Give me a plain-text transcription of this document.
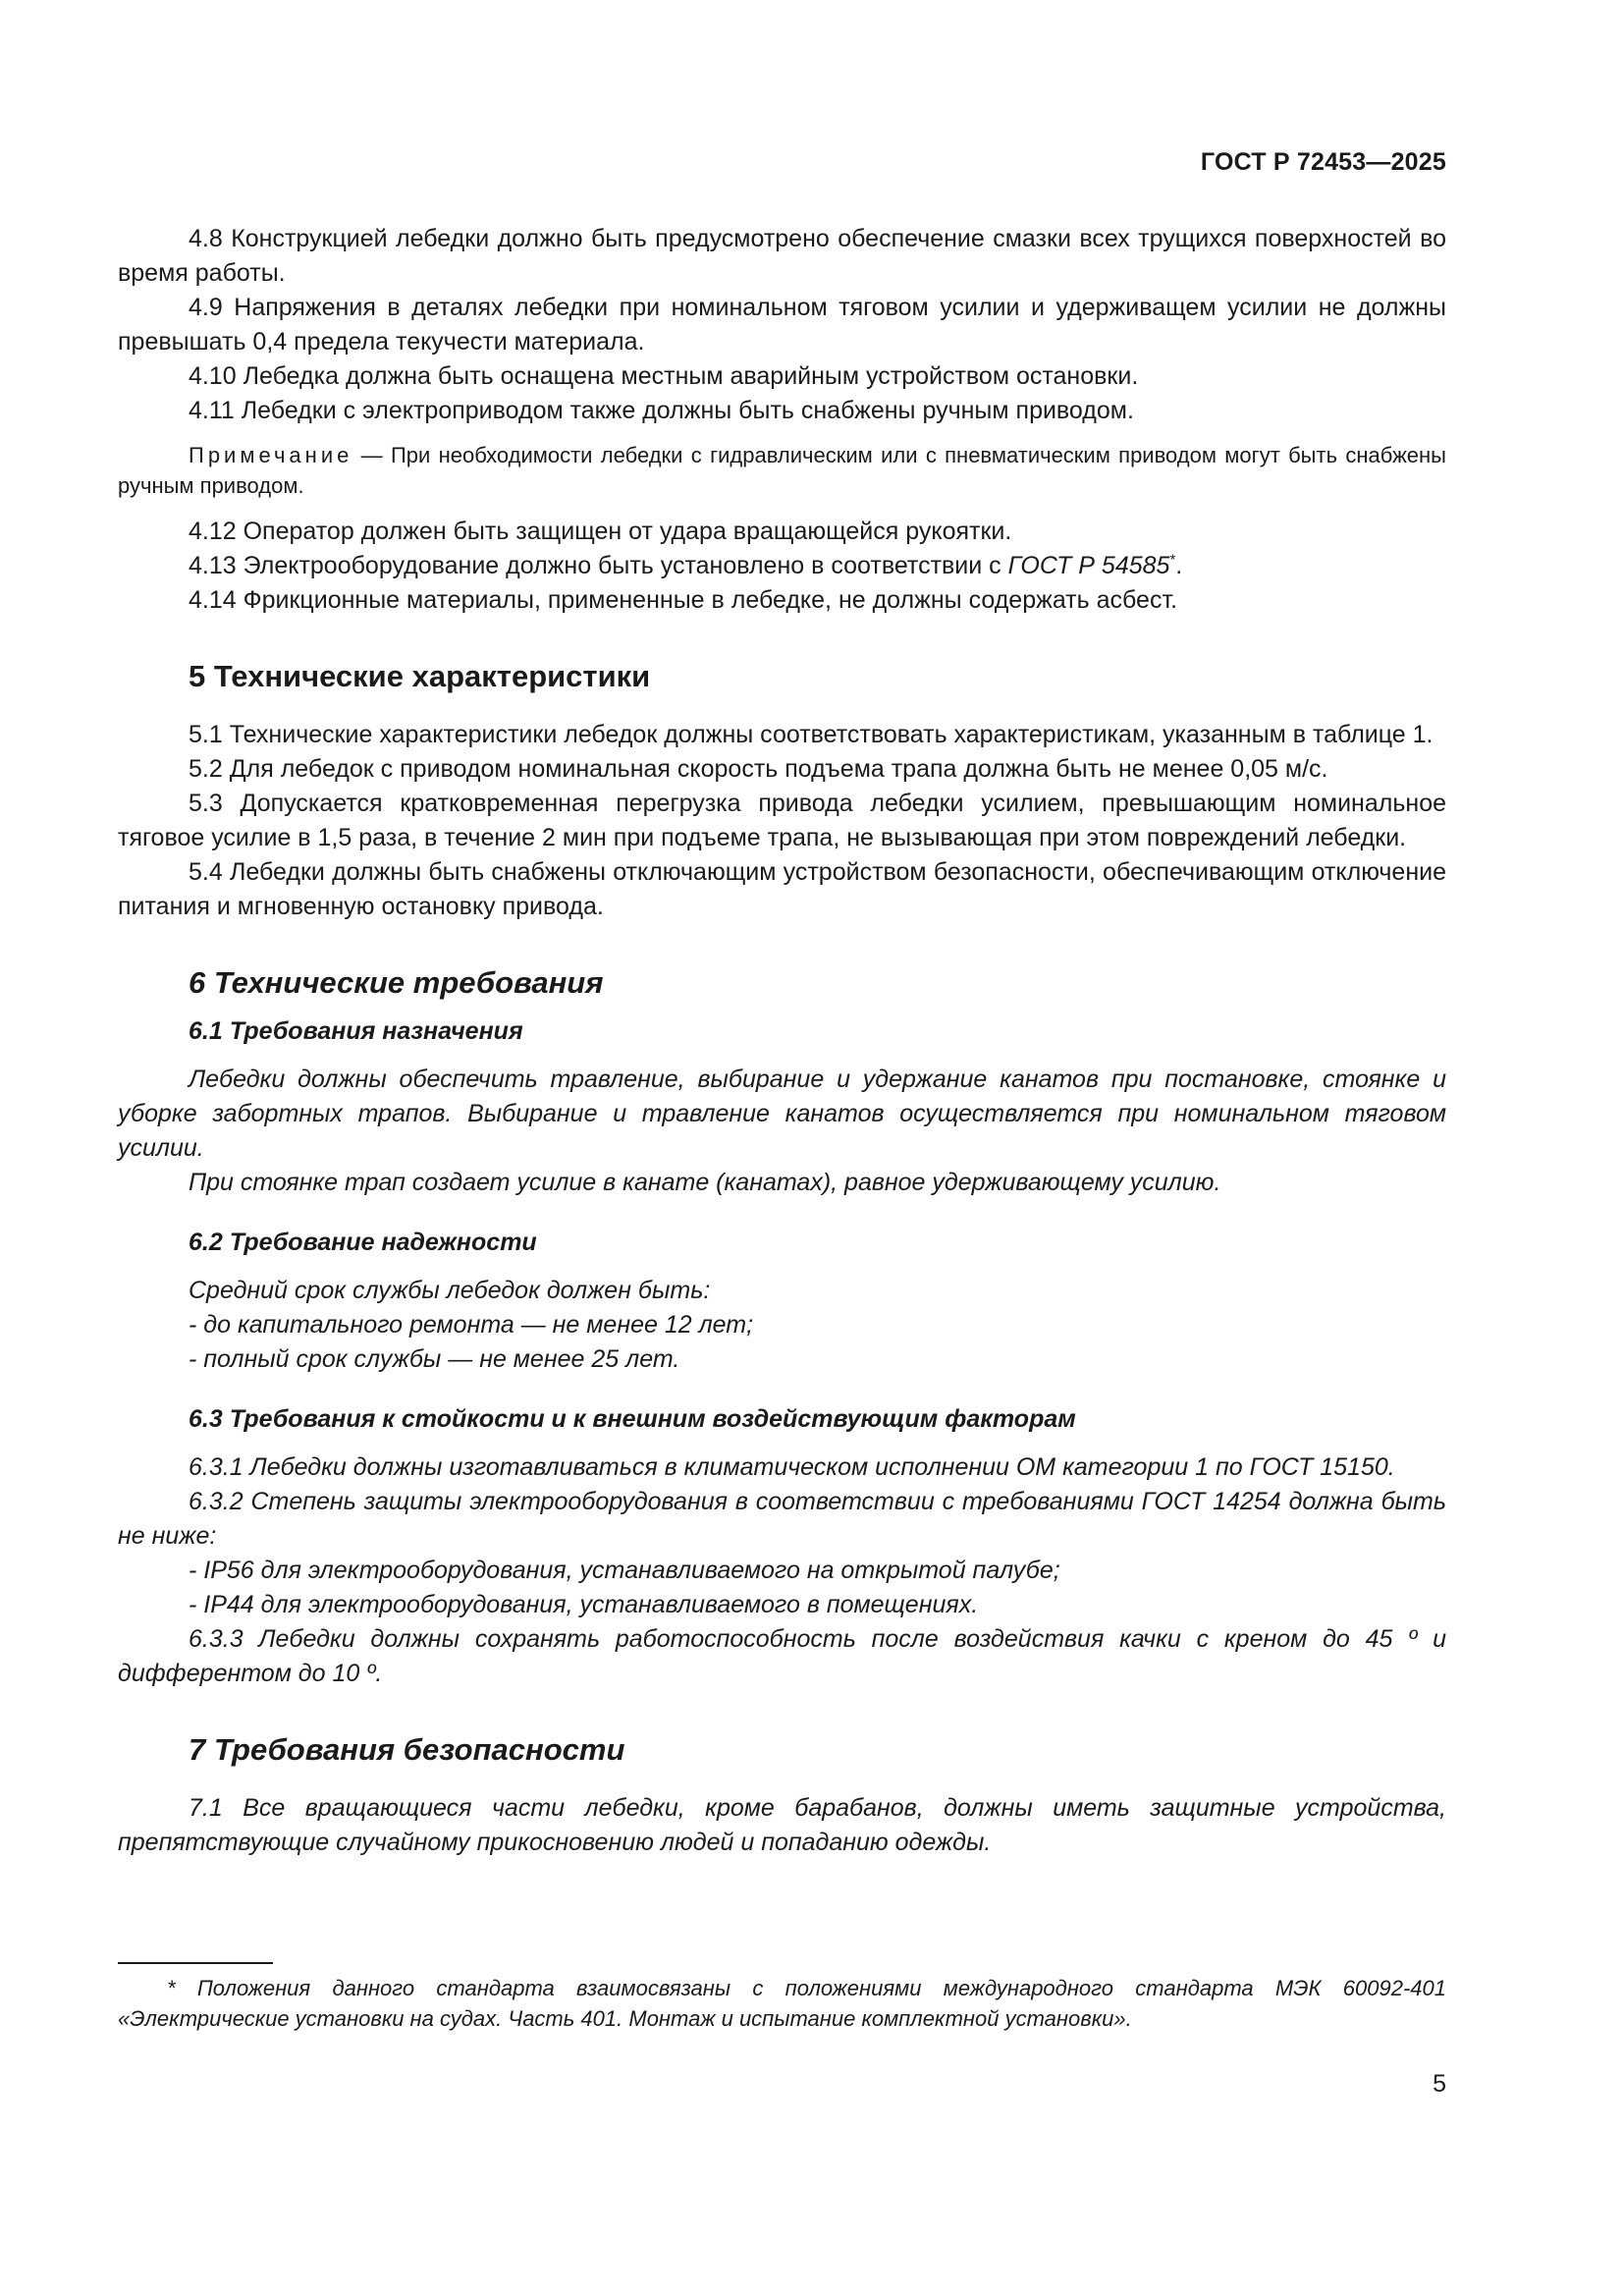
ГОСТ Р 72453—2025

4.8 Конструкцией лебедки должно быть предусмотрено обеспечение смазки всех трущихся поверхностей во время работы.

4.9 Напряжения в деталях лебедки при номинальном тяговом усилии и удерживащем усилии не должны превышать 0,4 предела текучести материала.

4.10 Лебедка должна быть оснащена местным аварийным устройством остановки.

4.11 Лебедки с электроприводом также должны быть снабжены ручным приводом.

Примечание — При необходимости лебедки с гидравлическим или с пневматическим приводом могут быть снабжены ручным приводом.

4.12 Оператор должен быть защищен от удара вращающейся рукоятки.

4.13 Электрооборудование должно быть установлено в соответствии с ГОСТ Р 54585*.

4.14 Фрикционные материалы, примененные в лебедке, не должны содержать асбест.

5 Технические характеристики

5.1 Технические характеристики лебедок должны соответствовать характеристикам, указанным в таблице 1.

5.2 Для лебедок с приводом номинальная скорость подъема трапа должна быть не менее 0,05 м/с.

5.3 Допускается кратковременная перегрузка привода лебедки усилием, превышающим номинальное тяговое усилие в 1,5 раза, в течение 2 мин при подъеме трапа, не вызывающая при этом повреждений лебедки.

5.4 Лебедки должны быть снабжены отключающим устройством безопасности, обеспечивающим отключение питания и мгновенную остановку привода.

6 Технические требования
6.1 Требования назначения

Лебедки должны обеспечить травление, выбирание и удержание канатов при постановке, стоянке и уборке забортных трапов. Выбирание и травление канатов осуществляется при номинальном тяговом усилии.

При стоянке трап создает усилие в канате (канатах), равное удерживающему усилию.

6.2 Требование надежности

Средний срок службы лебедок должен быть:

- до капитального ремонта — не менее 12 лет;
- полный срок службы — не менее 25 лет.
6.3 Требования к стойкости и к внешним воздействующим факторам

6.3.1 Лебедки должны изготавливаться в климатическом исполнении ОМ категории 1 по ГОСТ 15150.

6.3.2 Степень защиты электрооборудования в соответствии с требованиями ГОСТ 14254 должна быть не ниже:

- IP56 для электрооборудования, устанавливаемого на открытой палубе;
- IP44 для электрооборудования, устанавливаемого в помещениях.

6.3.3 Лебедки должны сохранять работоспособность после воздействия качки с креном до 45 º и дифферентом до 10 º.

7 Требования безопасности

7.1 Все вращающиеся части лебедки, кроме барабанов, должны иметь защитные устройства, препятствующие случайному прикосновению людей и попаданию одежды.

* Положения данного стандарта взаимосвязаны с положениями международного стандарта МЭК 60092-401 «Электрические установки на судах. Часть 401. Монтаж и испытание комплектной установки».
5
